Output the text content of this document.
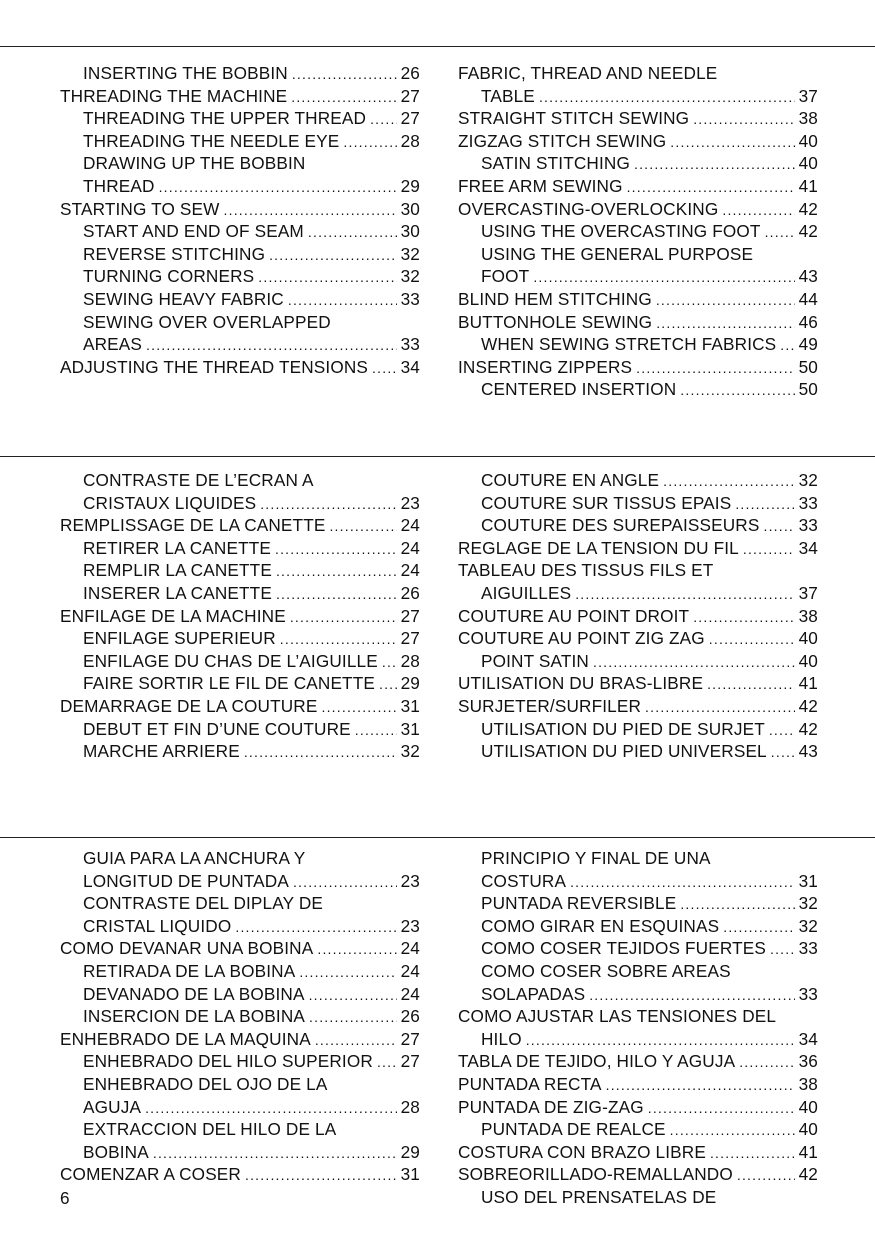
INSERTING THE BOBBIN .....	26
THREADING THE MACHINE .....	27
THREADING THE UPPER THREAD ..... 27
THREADING THE NEEDLE EYE .....	28
DRAWING UP THE BOBBIN
THREAD .....	29
STARTING TO SEW .....	30
START AND END OF SEAM .....	30
REVERSE STITCHING .....	32
TURNING CORNERS .....	32
SEWING HEAVY FABRIC .....	33
SEWING OVER OVERLAPPED
AREAS .....	33
ADJUSTING THE THREAD TENSIONS ..... 34
FABRIC, THREAD AND NEEDLE
TABLE .....	37
STRAIGHT STITCH SEWING .....	38
ZIGZAG STITCH SEWING .....	40
SATIN STITCHING .....	40
FREE ARM SEWING .....	41
OVERCASTING-OVERLOCKING .....	42
USING THE OVERCASTING FOOT ..... 42
USING THE GENERAL PURPOSE
FOOT .....	43
BLIND HEM STITCHING .....	44
BUTTONHOLE SEWING .....	46
WHEN SEWING STRETCH FABRICS ..... 49
INSERTING ZIPPERS .....	50
CENTERED INSERTION .....	50
CONTRASTE DE L’ECRAN A
CRISTAUX LIQUIDES .....	23
REMPLISSAGE DE LA CANETTE .....	24
RETIRER LA CANETTE .....	24
REMPLIR LA CANETTE .....	24
INSERER LA CANETTE .....	26
ENFILAGE DE LA MACHINE .....	27
ENFILAGE SUPERIEUR .....	27
ENFILAGE DU CHAS DE L’AIGUILLE ..... 28
FAIRE SORTIR LE FIL DE CANETTE ..... 29
DEMARRAGE DE LA COUTURE .....	31
DEBUT ET FIN D’UNE COUTURE .....	31
MARCHE ARRIERE .....	32
COUTURE EN ANGLE .....	32
COUTURE SUR TISSUS EPAIS .....	33
COUTURE DES SUREPAISSEURS ..... 33
REGLAGE DE LA TENSION DU FIL .....	34
TABLEAU DES TISSUS FILS ET
AIGUILLES .....	37
COUTURE AU POINT DROIT .....	38
COUTURE AU POINT ZIG ZAG .....	40
POINT SATIN .....	40
UTILISATION DU BRAS-LIBRE .....	41
SURJETER/SURFILER .....	42
UTILISATION DU PIED DE SURJET ..... 42
UTILISATION DU PIED UNIVERSEL ..... 43
GUIA PARA LA ANCHURA Y
LONGITUD DE PUNTADA .....	23
CONTRASTE DEL DIPLAY DE
CRISTAL LIQUIDO .....	23
COMO DEVANAR UNA BOBINA .....	24
RETIRADA DE LA BOBINA .....	24
DEVANADO DE LA BOBINA .....	24
INSERCION DE LA BOBINA .....	26
ENHEBRADO DE LA MAQUINA .....	27
ENHEBRADO DEL HILO SUPERIOR ..... 27
ENHEBRADO DEL OJO DE LA
AGUJA .....	28
EXTRACCION DEL HILO DE LA
BOBINA .....	29
COMENZAR A COSER .....	31
PRINCIPIO Y FINAL DE UNA
COSTURA .....	31
PUNTADA REVERSIBLE .....	32
COMO GIRAR EN ESQUINAS .....	32
COMO COSER TEJIDOS FUERTES ..... 33
COMO COSER SOBRE AREAS
SOLAPADAS .....	33
COMO AJUSTAR LAS TENSIONES DEL
HILO .....	34
TABLA DE TEJIDO, HILO Y AGUJA .....	36
PUNTADA RECTA .....	38
PUNTADA DE ZIG-ZAG .....	40
PUNTADA DE REALCE .....	40
COSTURA CON BRAZO LIBRE .....	41
SOBREORILLADO-REMALLANDO .....	42
USO DEL PRENSATELAS DE
6
